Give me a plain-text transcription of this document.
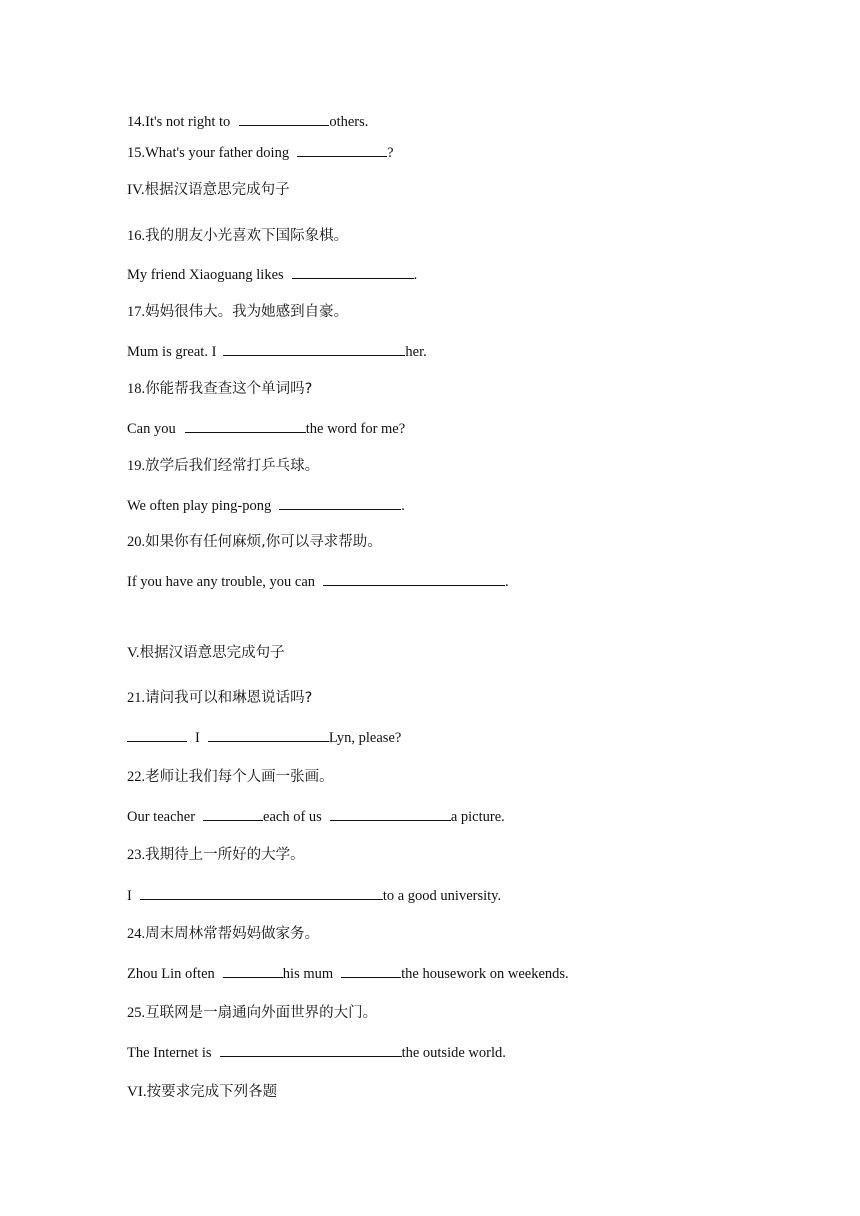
14.It's not right to	others.
15.What's your father doing	?
IV.根据汉语意思完成句子
16.我的朋友小光喜欢下国际象棋。
My friend Xiaoguang likes	.
17.妈妈很伟大。我为她感到自豪。
Mum is great. I	her.
18.你能帮我查查这个单词吗?
Can you	the word for me?
19.放学后我们经常打乒乓球。
We often play ping-pong	.
20.如果你有任何麻烦,你可以寻求帮助。
If you have any trouble, you can	.
V.根据汉语意思完成句子
21.请问我可以和琳恩说话吗?
I	Lyn, please?
22.老师让我们每个人画一张画。
Our teacher	each of us	a picture.
23.我期待上一所好的大学。
I	to a good university.
24.周末周林常帮妈妈做家务。
Zhou Lin often	his mum	the housework on weekends.
25.互联网是一扇通向外面世界的大门。
The Internet is	the outside world.
VI.按要求完成下列各题
